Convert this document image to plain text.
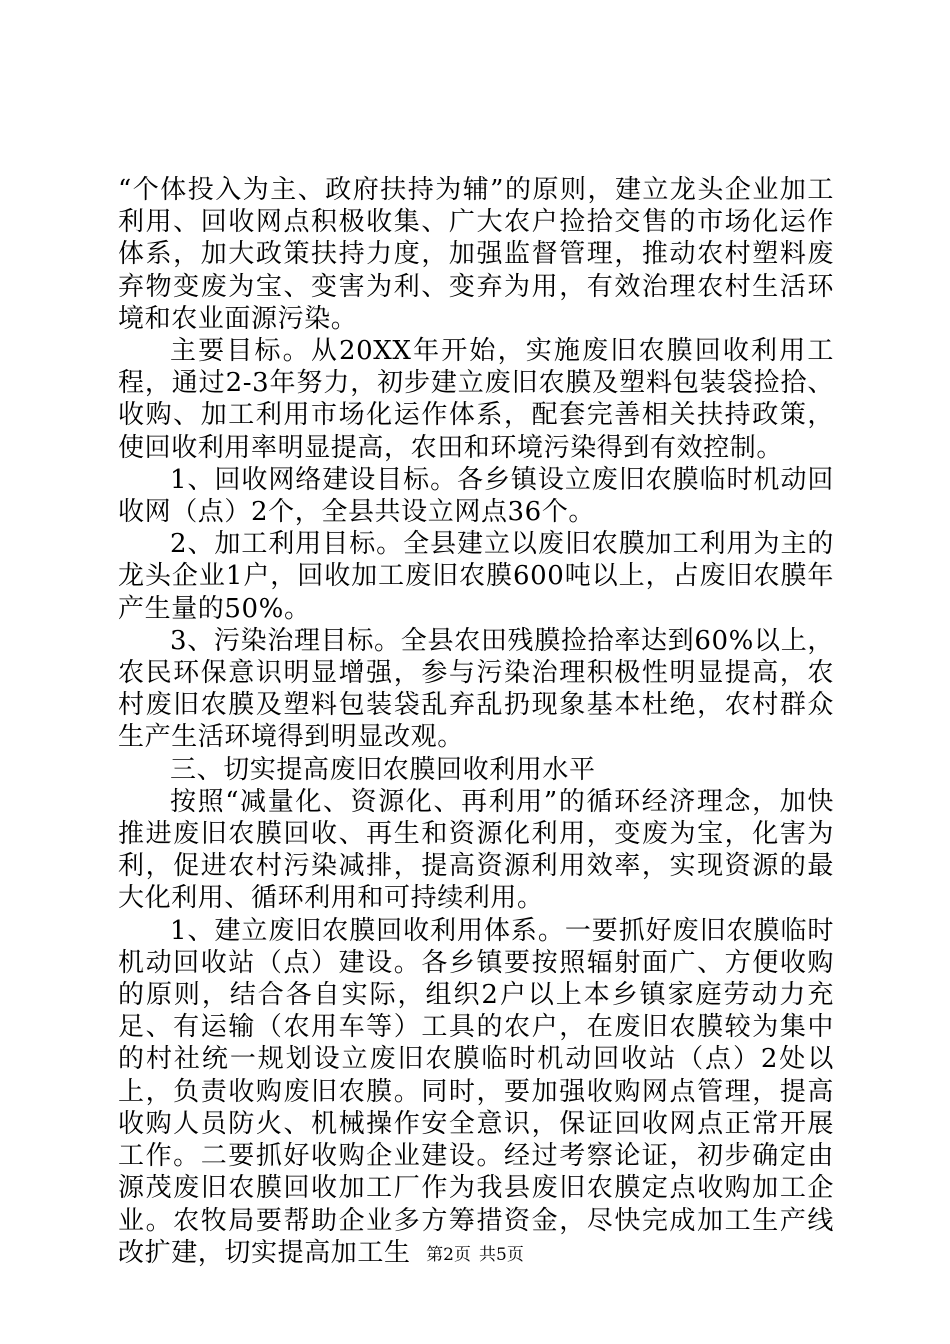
“个体投入为主、政府扶持为辅”的原则，建立龙头企业加工利用、回收网点积极收集、广大农户捡拾交售的市场化运作体系，加大政策扶持力度，加强监督管理，推动农村塑料废弃物变废为宝、变害为利、变弃为用，有效治理农村生活环境和农业面源污染。

主要目标。从20XX年开始，实施废旧农膜回收利用工程，通过2-3年努力，初步建立废旧农膜及塑料包装袋捡拾、收购、加工利用市场化运作体系，配套完善相关扶持政策，使回收利用率明显提高，农田和环境污染得到有效控制。

1、回收网络建设目标。各乡镇设立废旧农膜临时机动回收网（点）2个，全县共设立网点36个。

2、加工利用目标。全县建立以废旧农膜加工利用为主的龙头企业1户，回收加工废旧农膜600吨以上，占废旧农膜年产生量的50%。

3、污染治理目标。全县农田残膜捡拾率达到60%以上，农民环保意识明显增强，参与污染治理积极性明显提高，农村废旧农膜及塑料包装袋乱弃乱扔现象基本杜绝，农村群众生产生活环境得到明显改观。

三、切实提高废旧农膜回收利用水平

按照“减量化、资源化、再利用”的循环经济理念，加快推进废旧农膜回收、再生和资源化利用，变废为宝，化害为利，促进农村污染减排，提高资源利用效率，实现资源的最大化利用、循环利用和可持续利用。

1、建立废旧农膜回收利用体系。一要抓好废旧农膜临时机动回收站（点）建设。各乡镇要按照辐射面广、方便收购的原则，结合各自实际，组织2户以上本乡镇家庭劳动力充足、有运输（农用车等）工具的农户，在废旧农膜较为集中的村社统一规划设立废旧农膜临时机动回收站（点）2处以上，负责收购废旧农膜。同时，要加强收购网点管理，提高收购人员防火、机械操作安全意识，保证回收网点正常开展工作。二要抓好收购企业建设。经过考察论证，初步确定由源茂废旧农膜回收加工厂作为我县废旧农膜定点收购加工企业。农牧局要帮助企业多方筹措资金，尽快完成加工生产线改扩建，切实提高加工生 第2页 共5页
